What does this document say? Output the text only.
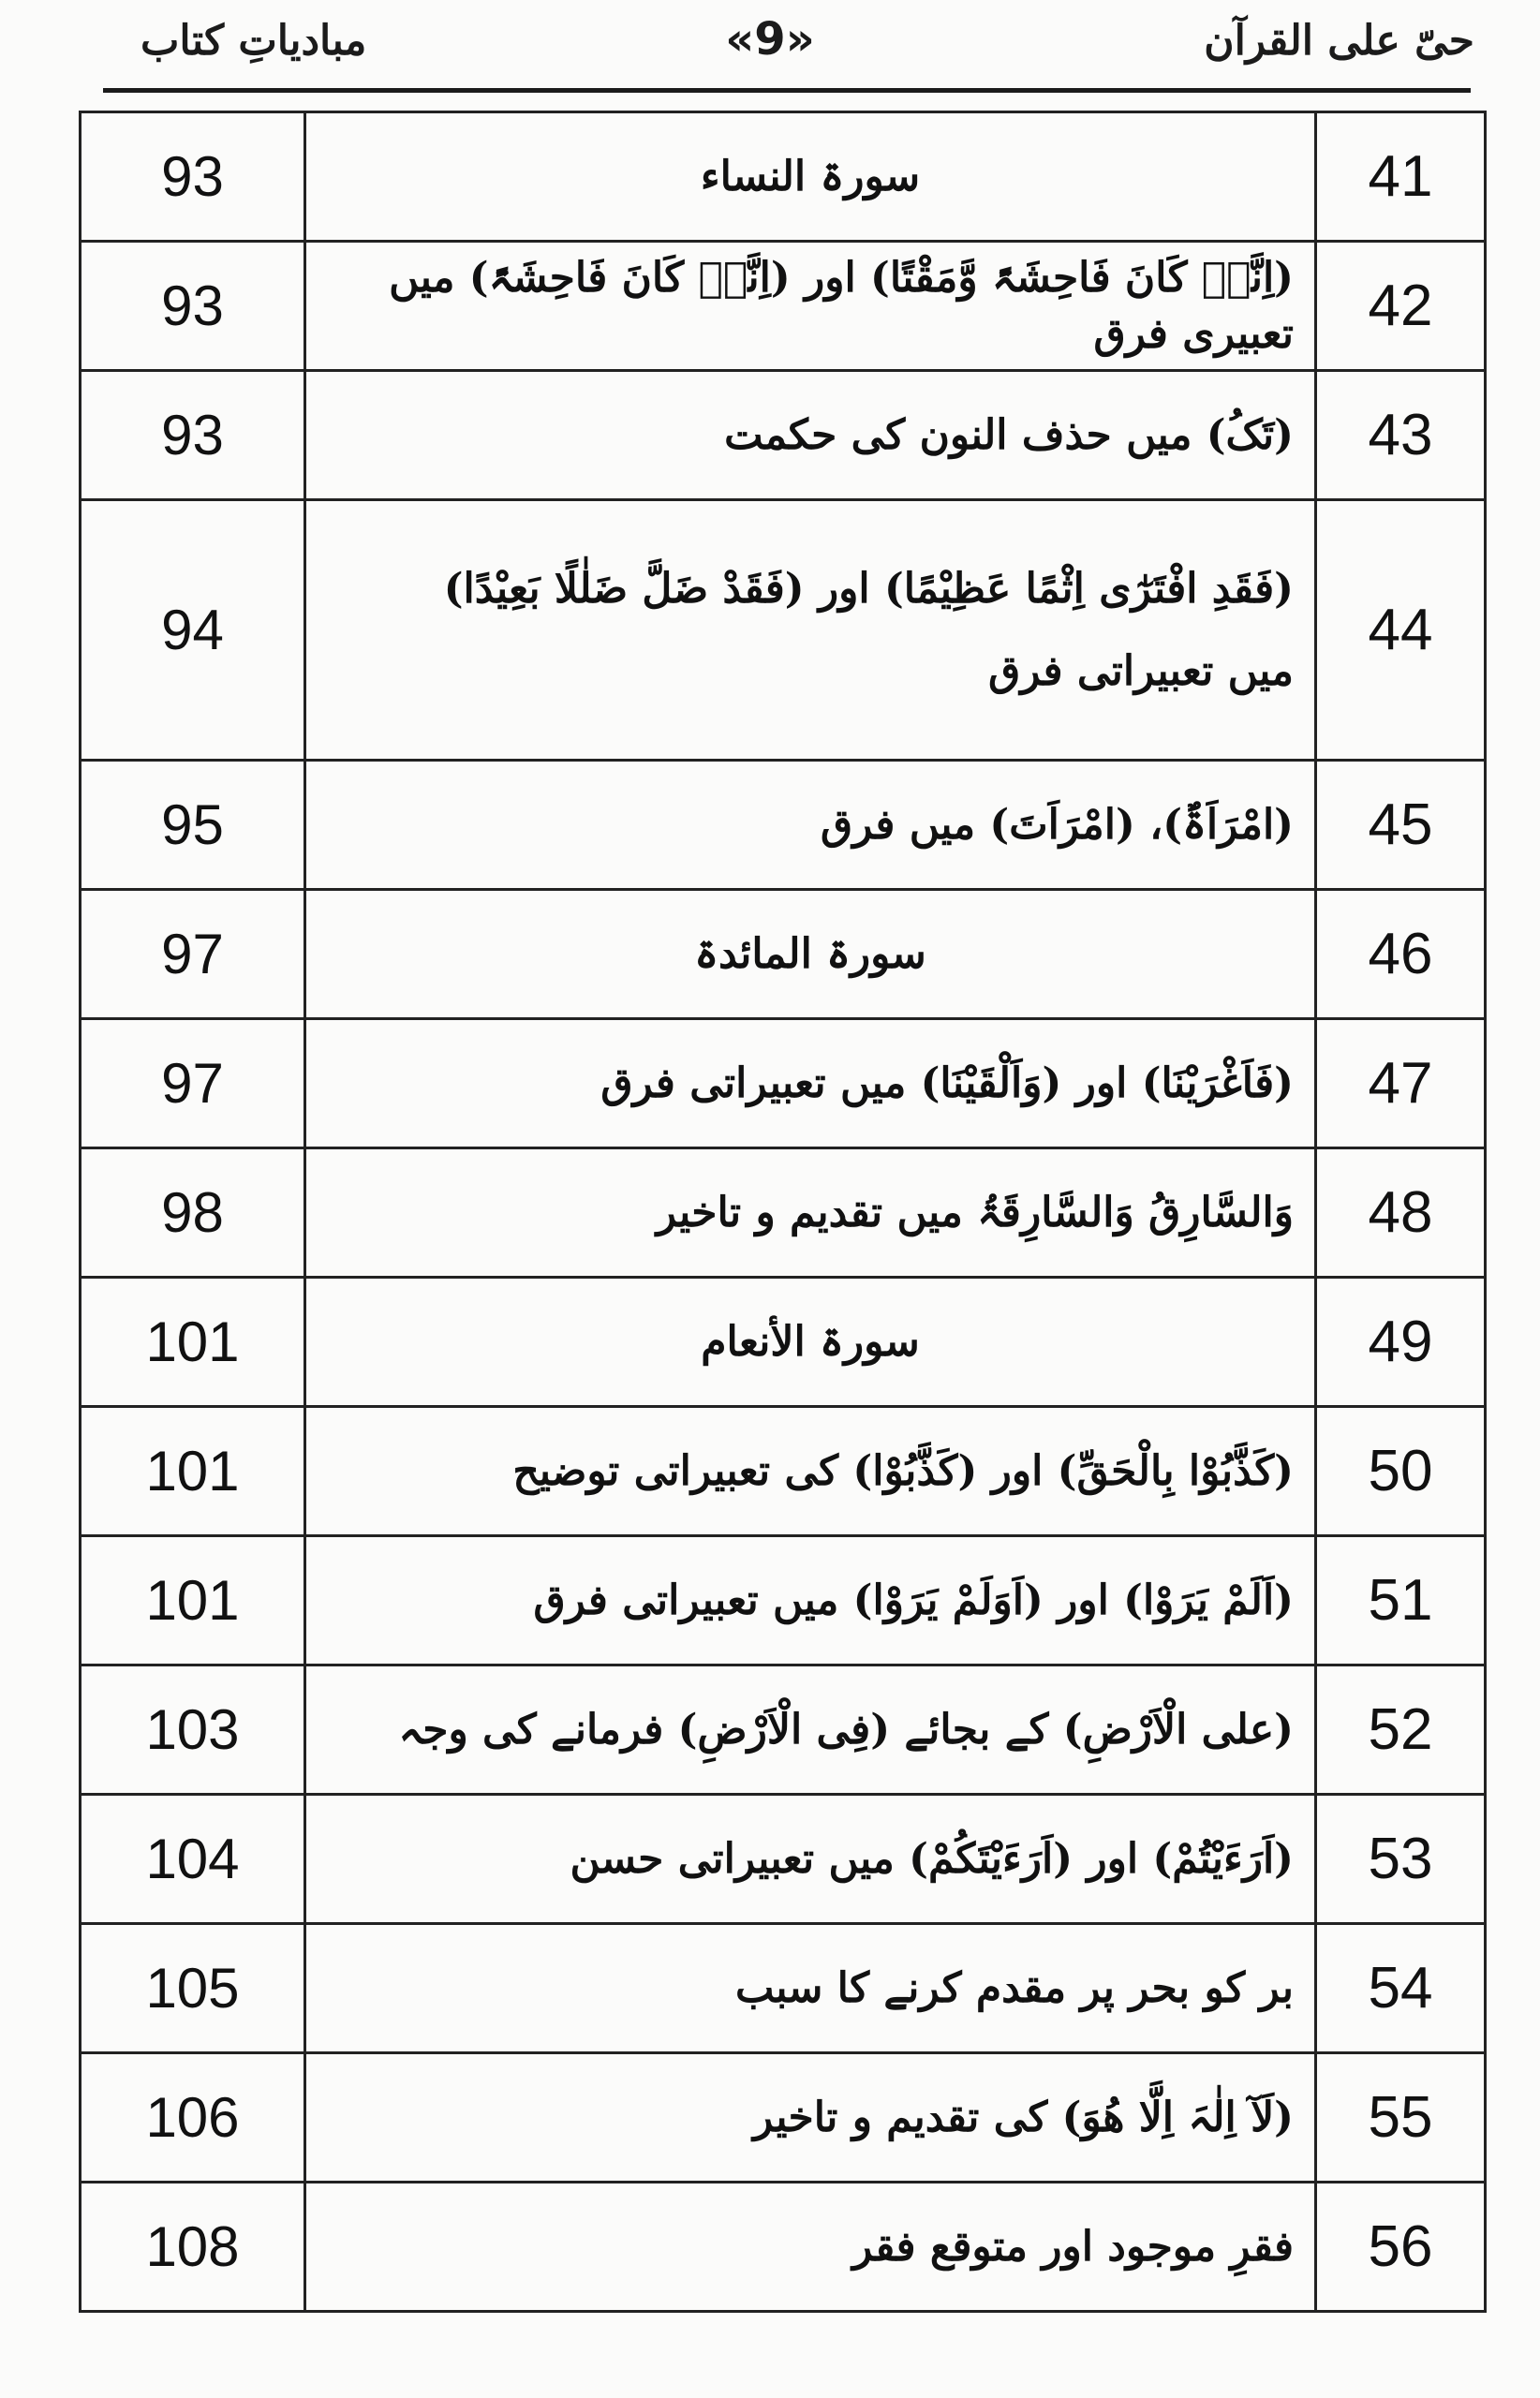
حیّ علی القرآن
«9»
مبادیاتِ کتاب
93	سورۃ النساء	41
93	(اِنَّہٗ کَانَ فَاحِشَۃً وَّمَقْتًا) اور (اِنَّہٗ کَانَ فَاحِشَۃً) میں تعبیری فرق	42
93	(تَکُ) میں حذف النون کی حکمت	43
94	(فَقَدِ افْتَرٰٓی اِثْمًا عَظِیْمًا) اور (فَقَدْ ضَلَّ ضَلٰلًا بَعِیْدًا)
میں تعبیراتی فرق	44
95	(امْرَاَۃٌ)، (امْرَاَتَ) میں فرق	45
97	سورۃ المائدۃ	46
97	(فَاَغْرَیْنَا) اور (وَاَلْقَیْنَا) میں تعبیراتی فرق	47
98	وَالسَّارِقُ وَالسَّارِقَۃُ میں تقدیم و تاخیر	48
101	سورۃ الأنعام	49
101	(کَذَّبُوْا بِالْحَقِّ) اور (کَذَّبُوْا) کی تعبیراتی توضیح	50
101	(اَلَمْ یَرَوْا) اور (اَوَلَمْ یَرَوْا) میں تعبیراتی فرق	51
103	(علی الْاَرْضِ) کے بجائے (فِی الْاَرْضِ) فرمانے کی وجہ	52
104	(اَرَءَیْتُمْ) اور (اَرَءَیْتَکُمْ) میں تعبیراتی حسن	53
105	بر کو بحر پر مقدم کرنے کا سبب	54
106	(لَآ اِلٰہَ اِلَّا ھُوَ) کی تقدیم و تاخیر	55
108	فقرِ موجود اور متوقع فقر	56
